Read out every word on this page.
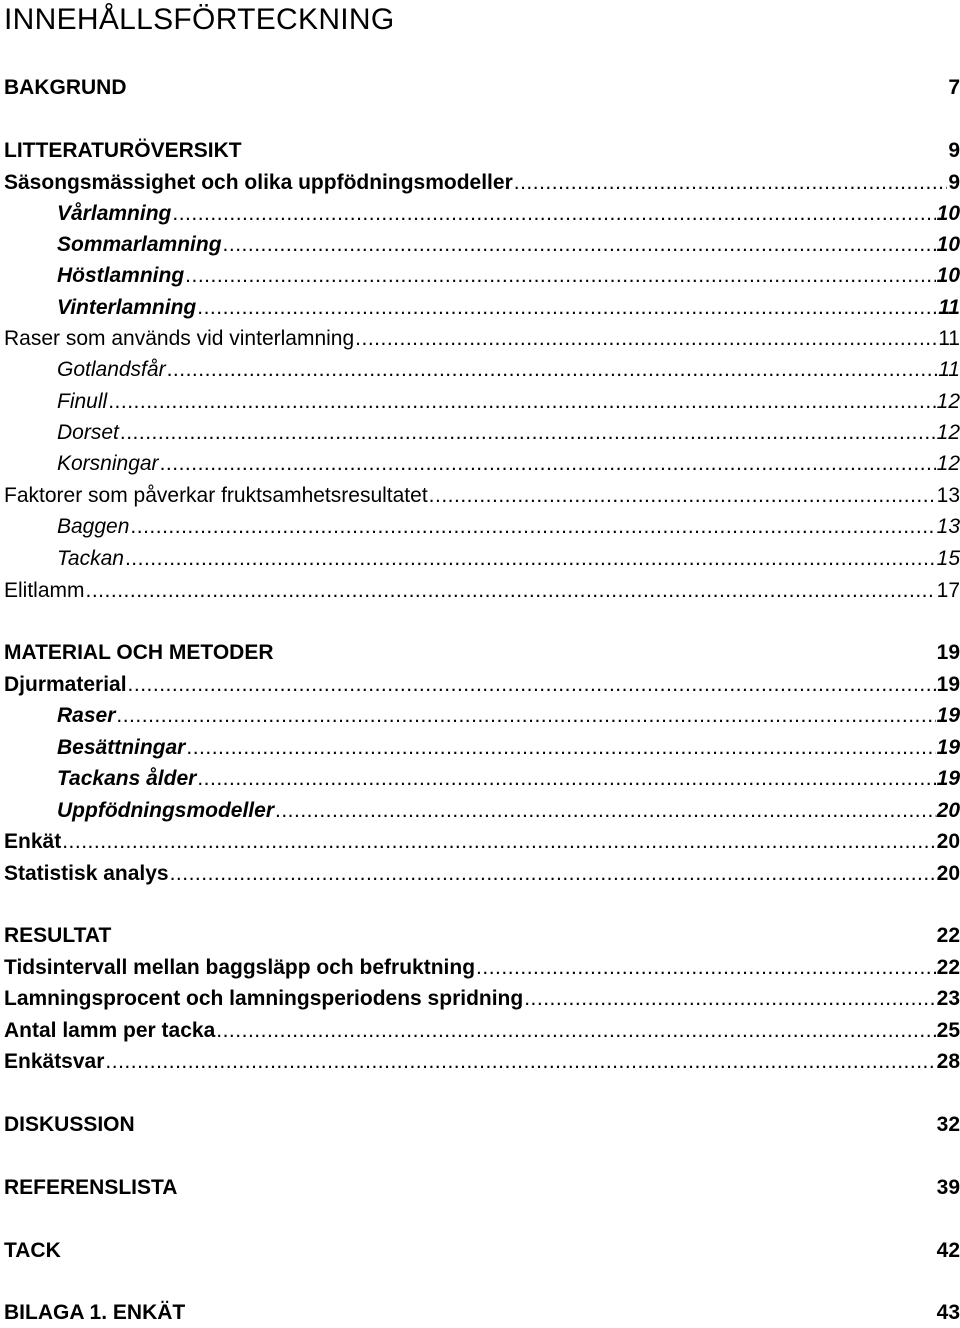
INNEHÅLLSFÖRTECKNING
BAKGRUND	7
LITTERATURÖVERSIKT	9
Säsongsmässighet och olika uppfödningsmodeller .....	9
Vårlamning .....	10
Sommarlamning .....	10
Höstlamning .....	10
Vinterlamning .....	11
Raser som används vid vinterlamning .....	11
Gotlandsfår .....	11
Finull .....	12
Dorset .....	12
Korsningar .....	12
Faktorer som påverkar fruktsamhetsresultatet .....	13
Baggen .....	13
Tackan .....	15
Elitlamm .....	17
MATERIAL OCH METODER	19
Djurmaterial .....	19
Raser .....	19
Besättningar .....	19
Tackans ålder .....	19
Uppfödningsmodeller .....	20
Enkät .....	20
Statistisk analys .....	20
RESULTAT	22
Tidsintervall mellan baggsläpp och befruktning .....	22
Lamningsprocent och lamningsperiodens spridning .....	23
Antal lamm per tacka .....	25
Enkätsvar .....	28
DISKUSSION	32
REFERENSLISTA	39
TACK	42
BILAGA 1. ENKÄT	43
